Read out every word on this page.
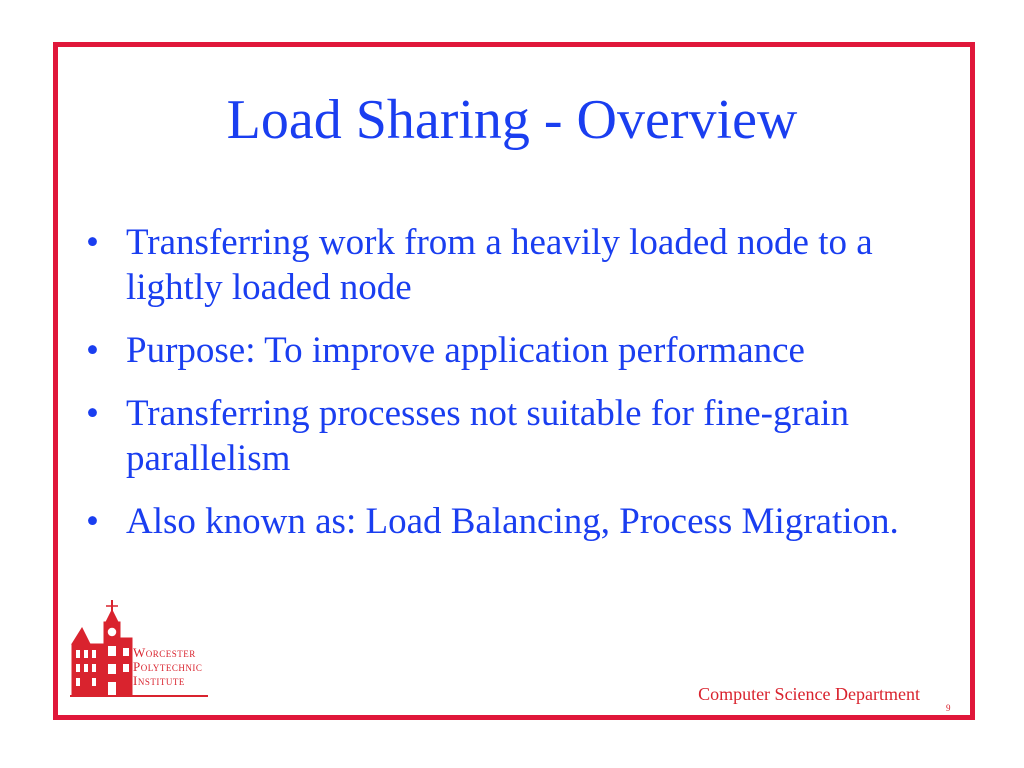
Load Sharing - Overview
• Transferring work from a heavily loaded node to a lightly loaded node
• Purpose: To improve application performance
• Transferring processes not suitable for fine-grain parallelism
• Also known as: Load Balancing, Process Migration.
Worcester
Polytechnic
Institute
Computer Science Department
9
